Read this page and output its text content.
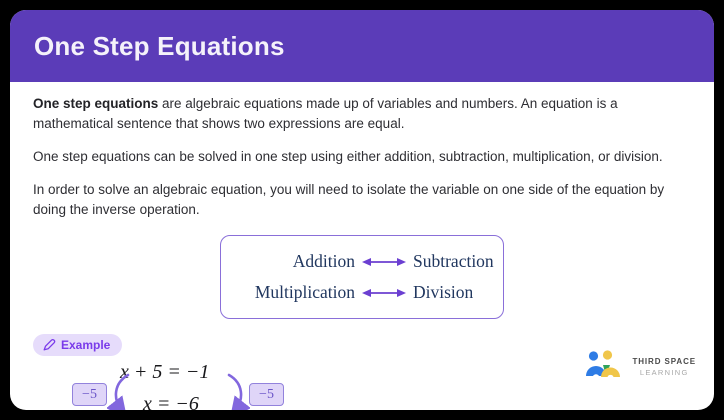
One Step Equations

One step equations are algebraic equations made up of variables and numbers. An equation is a mathematical sentence that shows two expressions are equal.

One step equations can be solved in one step using either addition, subtraction, multiplication, or division.

In order to solve an algebraic equation, you will need to isolate the variable on one side of the equation by doing the inverse operation.

Addition	Subtraction
Multiplication	Division
Example
x + 5 = −1
x = −6
−5	−5
THIRD SPACE
LEARNING
